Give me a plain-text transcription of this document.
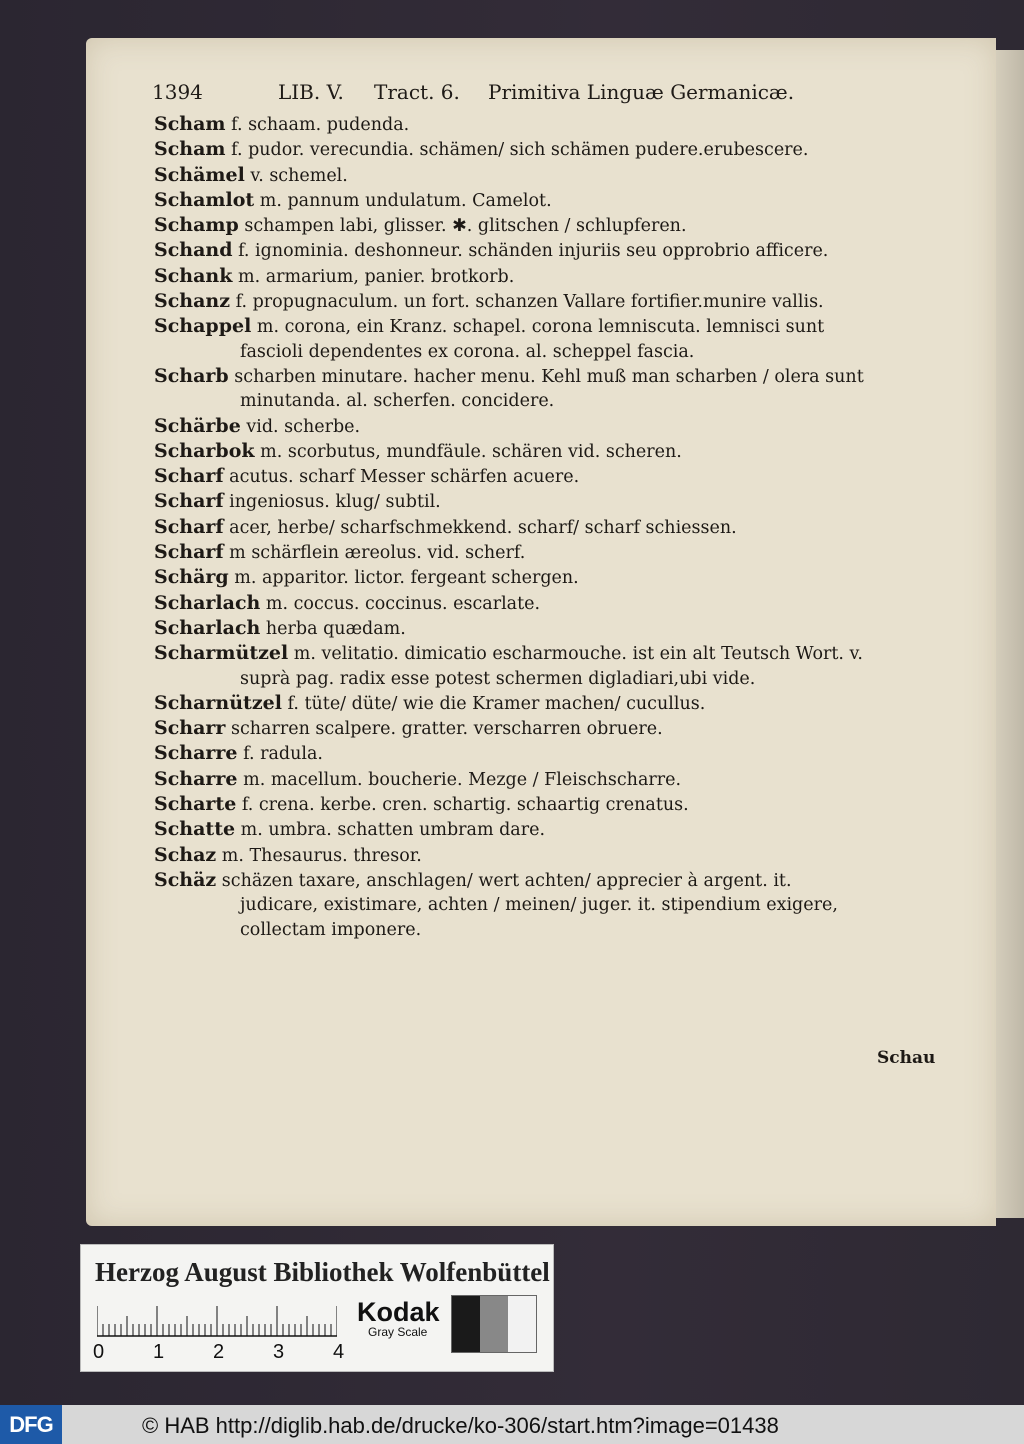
1394	LIB. V. Tract. 6. Primitiva Linguæ Germanicæ.
Scham f. schaam. pudenda.
Scham f. pudor. verecundia. schämen/ sich schämen pudere.erubescere.
Schämel v. schemel.
Schamlot m. pannum undulatum. Camelot.
Schamp schampen labi, glisser. ✱. glitschen / schlupferen.
Schand f. ignominia. deshonneur. schänden injuriis seu opprobrio afficere.
Schank m. armarium, panier. brotkorb.
Schanz f. propugnaculum. un fort. schanzen Vallare fortifier.munire vallis.
Schappel m. corona, ein Kranz. schapel. corona lemniscuta. lemnisci sunt fascioli dependentes ex corona. al. scheppel fascia.
Scharb scharben minutare. hacher menu. Kehl muß man scharben / olera sunt minutanda. al. scherfen. concidere.
Schärbe vid. scherbe.
Scharbok m. scorbutus, mundfäule. schären vid. scheren.
Scharf acutus. scharf Messer schärfen acuere.
Scharf ingeniosus. klug/ subtil.
Scharf acer, herbe/ scharfschmekkend. scharf/ scharf schiessen.
Scharf m schärflein æreolus. vid. scherf.
Schärg m. apparitor. lictor. fergeant schergen.
Scharlach m. coccus. coccinus. escarlate.
Scharlach herba quædam.
Scharmützel m. velitatio. dimicatio escharmouche. ist ein alt Teutsch Wort. v. suprà pag. radix esse potest schermen digladiari,ubi vide.
Scharnützel f. tüte/ düte/ wie die Kramer machen/ cucullus.
Scharr scharren scalpere. gratter. verscharren obruere.
Scharre f. radula.
Scharre m. macellum. boucherie. Mezge / Fleischscharre.
Scharte f. crena. kerbe. cren. schartig. schaartig crenatus.
Schatte m. umbra. schatten umbram dare.
Schaz m. Thesaurus. thresor.
Schäz schäzen taxare, anschlagen/ wert achten/ apprecier à argent. it. judicare, existimare, achten / meinen/ juger. it. stipendium exigere, collectam imponere.
Schau
Herzog August Bibliothek Wolfenbüttel
0 1 2 3 4
Kodak
Gray Scale
DFG	© HAB http://diglib.hab.de/drucke/ko-306/start.htm?image=01438
